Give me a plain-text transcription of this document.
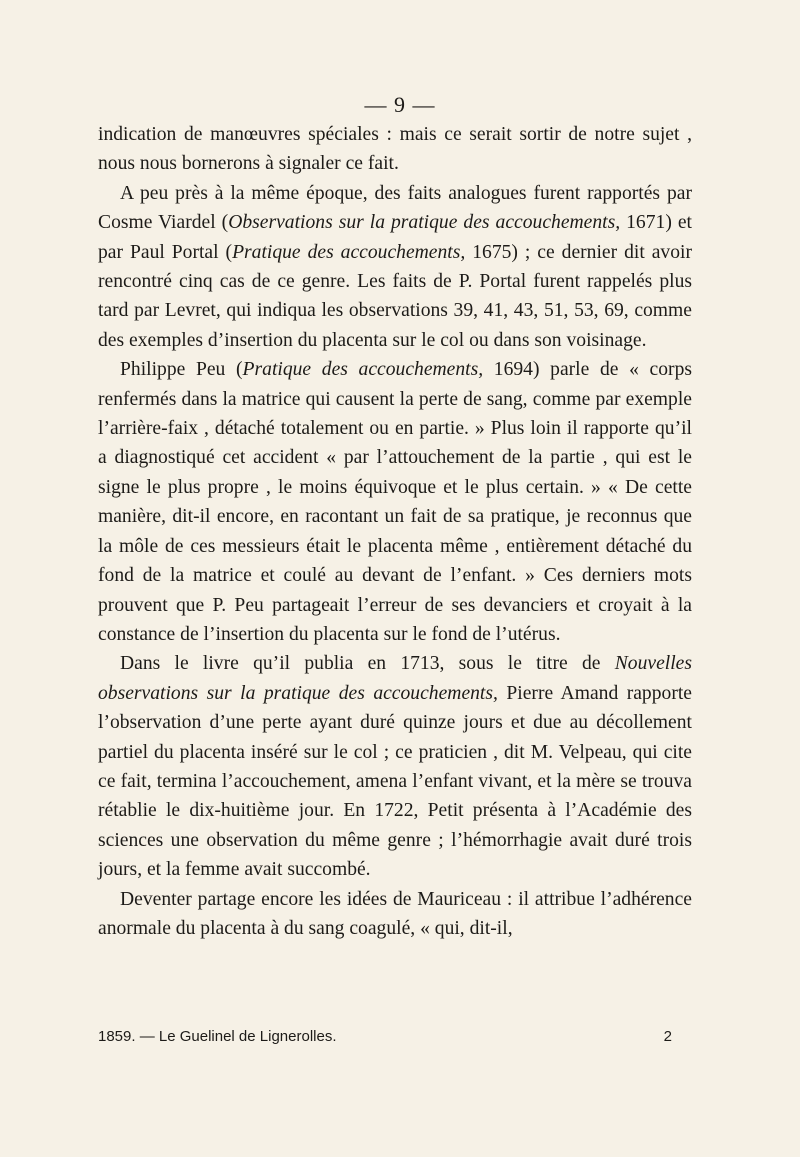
— 9 —

indication de manœuvres spéciales : mais ce serait sortir de notre sujet , nous nous bornerons à signaler ce fait.

A peu près à la même époque, des faits analogues furent rapportés par Cosme Viardel (Observations sur la pratique des accouchements, 1671) et par Paul Portal (Pratique des accouchements, 1675) ; ce dernier dit avoir rencontré cinq cas de ce genre. Les faits de P. Portal furent rappelés plus tard par Levret, qui indiqua les observations 39, 41, 43, 51, 53, 69, comme des exemples d’insertion du placenta sur le col ou dans son voisinage.

Philippe Peu (Pratique des accouchements, 1694) parle de « corps renfermés dans la matrice qui causent la perte de sang, comme par exemple l’arrière-faix , détaché totalement ou en partie. » Plus loin il rapporte qu’il a diagnostiqué cet accident « par l’attouchement de la partie , qui est le signe le plus propre , le moins équivoque et le plus certain. » « De cette manière, dit-il encore, en racontant un fait de sa pratique, je reconnus que la môle de ces messieurs était le placenta même , entièrement détaché du fond de la matrice et coulé au devant de l’enfant. » Ces derniers mots prouvent que P. Peu partageait l’erreur de ses devanciers et croyait à la constance de l’insertion du placenta sur le fond de l’utérus.

Dans le livre qu’il publia en 1713, sous le titre de Nouvelles observations sur la pratique des accouchements, Pierre Amand rapporte l’observation d’une perte ayant duré quinze jours et due au décollement partiel du placenta inséré sur le col ; ce praticien , dit M. Velpeau, qui cite ce fait, termina l’accouchement, amena l’enfant vivant, et la mère se trouva rétablie le dix-huitième jour. En 1722, Petit présenta à l’Académie des sciences une observation du même genre ; l’hémorrhagie avait duré trois jours, et la femme avait succombé.

Deventer partage encore les idées de Mauriceau : il attribue l’adhérence anormale du placenta à du sang coagulé, « qui, dit-il,

1859. — Le Guelinel de Lignerolles.	2
